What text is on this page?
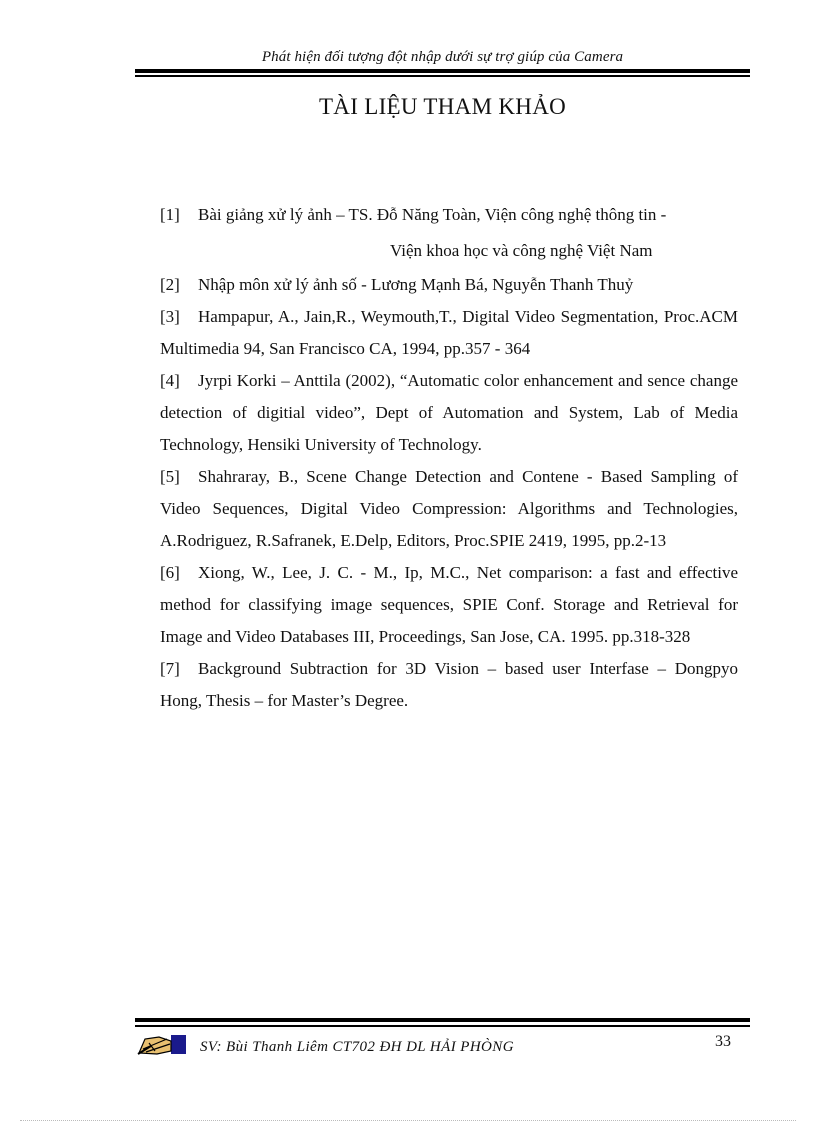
Phát hiện đối tượng đột nhập dưới sự trợ giúp của Camera
TÀI LIỆU THAM KHẢO

[1] Bài giảng xử lý ảnh – TS. Đỗ Năng Toàn, Viện công nghệ thông tin -
Viện khoa học và công nghệ Việt Nam

[2] Nhập môn xử lý ảnh số - Lương Mạnh Bá, Nguyễn Thanh Thuỷ

[3] Hampapur, A., Jain,R., Weymouth,T., Digital Video Segmentation, Proc.ACM Multimedia 94, San Francisco CA, 1994, pp.357 - 364

[4] Jyrpi Korki – Anttila (2002), “Automatic color enhancement and sence change detection of digitial video”, Dept of Automation and System, Lab of Media Technology, Hensiki University of Technology.

[5] Shahraray, B., Scene Change Detection and Contene - Based Sampling of Video Sequences, Digital Video Compression: Algorithms and Technologies, A.Rodriguez, R.Safranek, E.Delp, Editors, Proc.SPIE 2419, 1995, pp.2-13

[6] Xiong, W., Lee, J. C. - M., Ip, M.C., Net comparison: a fast and effective method for classifying image sequences, SPIE Conf. Storage and Retrieval for Image and Video Databases III, Proceedings, San Jose, CA. 1995. pp.318-328

[7] Background Subtraction for 3D Vision – based user Interfase – Dongpyo Hong, Thesis – for Master’s Degree.

SV: Bùi Thanh Liêm CT702 ĐH DL HẢI PHÒNG	33
